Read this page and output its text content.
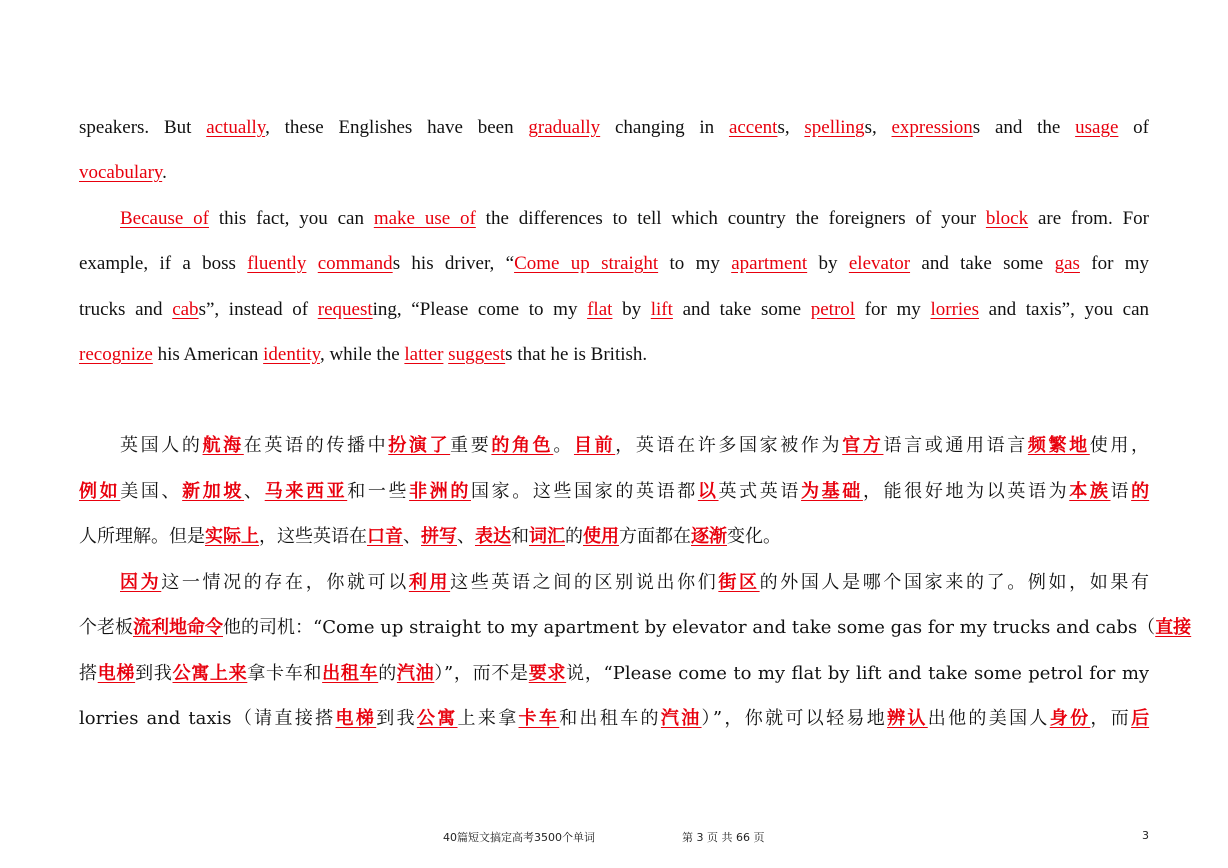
speakers. But actually, these Englishes have been gradually changing in accents, spellings, expressions and the usage of
vocabulary.
Because of this fact, you can make use of the differences to tell which country the foreigners of your block are from. For
example, if a boss fluently commands his driver, “Come up straight to my apartment by elevator and take some gas for my
trucks and cabs”, instead of requesting, “Please come to my flat by lift and take some petrol for my lorries and taxis”, you can
recognize his American identity, while the latter suggests that he is British.
英国人的航海在英语的传播中扮演了重要的角色。目前，英语在许多国家被作为官方语言或通用语言频繁地使用，
例如美国、新加坡、马来西亚和一些非洲的国家。这些国家的英语都以英式英语为基础，能很好地为以英语为本族语的
人所理解。但是实际上，这些英语在口音、拼写、表达和词汇的使用方面都在逐渐变化。
因为这一情况的存在，你就可以利用这些英语之间的区别说出你们街区的外国人是哪个国家来的了。例如，如果有
个老板流利地命令他的司机：“Come up straight to my apartment by elevator and take some gas for my trucks and cabs（直接
搭电梯到我公寓上来拿卡车和出租车的汽油）”，而不是要求说，“Please come to my flat by lift and take some petrol for my
lorries and taxis（请直接搭电梯到我公寓上来拿卡车和出租车的汽油）”，你就可以轻易地辨认出他的美国人身份，而后
40篇短文搞定高考3500个单词	第 3 页 共 66 页	3
